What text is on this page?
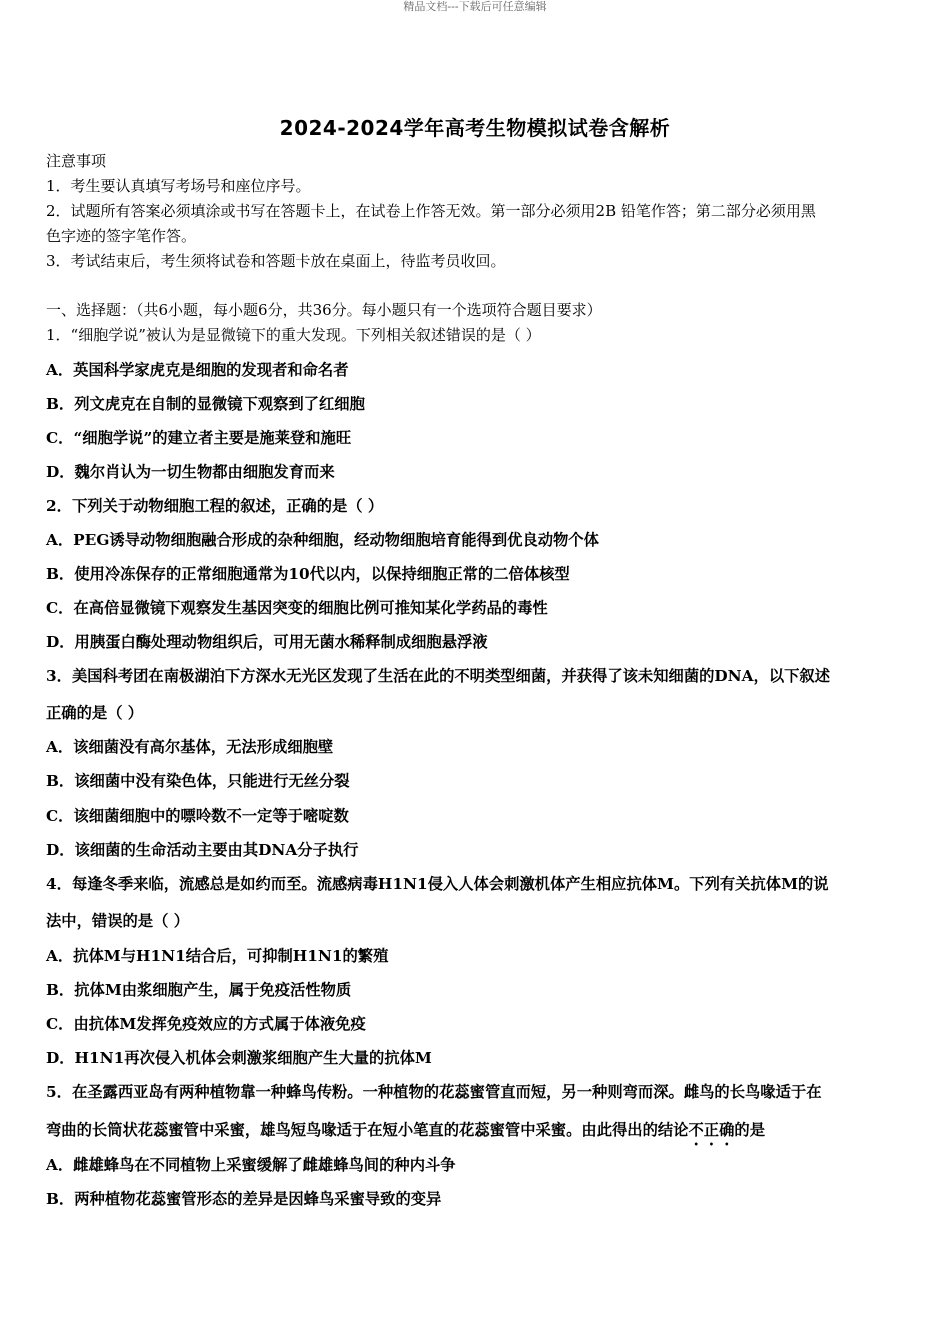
精品文档---下载后可任意编辑
2024-2024学年高考生物模拟试卷含解析
注意事项
1．考生要认真填写考场号和座位序号。
2．试题所有答案必须填涂或书写在答题卡上，在试卷上作答无效。第一部分必须用2B 铅笔作答；第二部分必须用黑
色字迹的签字笔作答。
3．考试结束后，考生须将试卷和答题卡放在桌面上，待监考员收回。
一、选择题：（共6小题，每小题6分，共36分。每小题只有一个选项符合题目要求）
1．“细胞学说”被认为是显微镜下的重大发现。下列相关叙述错误的是（ ）
A．英国科学家虎克是细胞的发现者和命名者
B．列文虎克在自制的显微镜下观察到了红细胞
C．“细胞学说”的建立者主要是施莱登和施旺
D．魏尔肖认为一切生物都由细胞发育而来
2．下列关于动物细胞工程的叙述，正确的是（ ）
A．PEG诱导动物细胞融合形成的杂种细胞，经动物细胞培育能得到优良动物个体
B．使用冷冻保存的正常细胞通常为10代以内，以保持细胞正常的二倍体核型
C．在高倍显微镜下观察发生基因突变的细胞比例可推知某化学药品的毒性
D．用胰蛋白酶处理动物组织后，可用无菌水稀释制成细胞悬浮液
3．美国科考团在南极湖泊下方深水无光区发现了生活在此的不明类型细菌，并获得了该未知细菌的DNA，以下叙述
正确的是（ ）
A．该细菌没有高尔基体，无法形成细胞壁
B．该细菌中没有染色体，只能进行无丝分裂
C．该细菌细胞中的嘌呤数不一定等于嘧啶数
D．该细菌的生命活动主要由其DNA分子执行
4．每逢冬季来临，流感总是如约而至。流感病毒H1N1侵入人体会刺激机体产生相应抗体M。下列有关抗体M的说
法中，错误的是（ ）
A．抗体M与H1N1结合后，可抑制H1N1的繁殖
B．抗体M由浆细胞产生，属于免疫活性物质
C．由抗体M发挥免疫效应的方式属于体液免疫
D．H1N1再次侵入机体会刺激浆细胞产生大量的抗体M
5．在圣露西亚岛有两种植物靠一种蜂鸟传粉。一种植物的花蕊蜜管直而短，另一种则弯而深。雌鸟的长鸟喙适于在
弯曲的长筒状花蕊蜜管中采蜜，雄鸟短鸟喙适于在短小笔直的花蕊蜜管中采蜜。由此得出的结论不正确的是
A．雌雄蜂鸟在不同植物上采蜜缓解了雌雄蜂鸟间的种内斗争
B．两种植物花蕊蜜管形态的差异是因蜂鸟采蜜导致的变异
